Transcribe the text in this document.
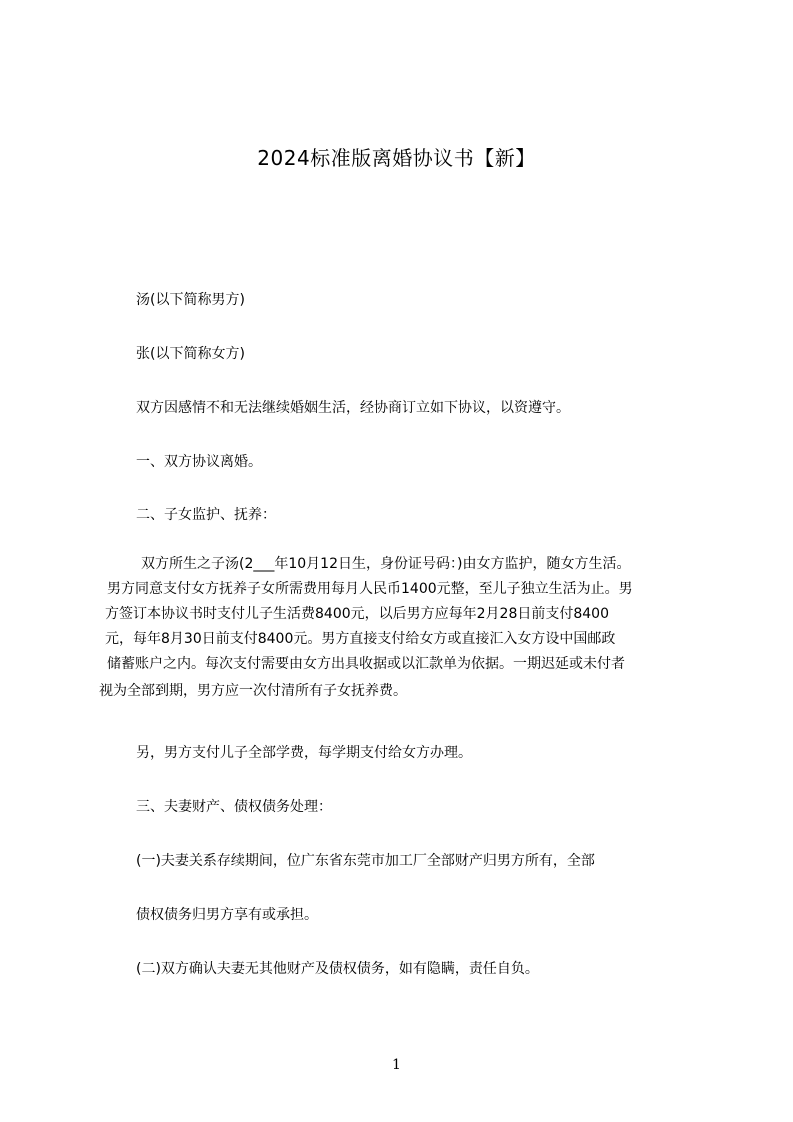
2024标准版离婚协议书【新】
汤(以下简称男方)
张(以下简称女方)
双方因感情不和无法继续婚姻生活，经协商订立如下协议，以资遵守。
一、双方协议离婚。
二、子女监护、抚养：
双方所生之子汤(2___年10月12日生，身份证号码：)由女方监护，随女方生活。
男方同意支付女方抚养子女所需费用每月人民币1400元整，至儿子独立生活为止。男
方签订本协议书时支付儿子生活费8400元，以后男方应每年2月28日前支付8400
元，每年8月30日前支付8400元。男方直接支付给女方或直接汇入女方设中国邮政
储蓄账户之内。每次支付需要由女方出具收据或以汇款单为依据。一期迟延或未付者
视为全部到期，男方应一次付清所有子女抚养费。
另，男方支付儿子全部学费，每学期支付给女方办理。
三、夫妻财产、债权债务处理：
(一)夫妻关系存续期间，位广东省东莞市加工厂全部财产归男方所有，全部
债权债务归男方享有或承担。
(二)双方确认夫妻无其他财产及债权债务，如有隐瞒，责任自负。
1
